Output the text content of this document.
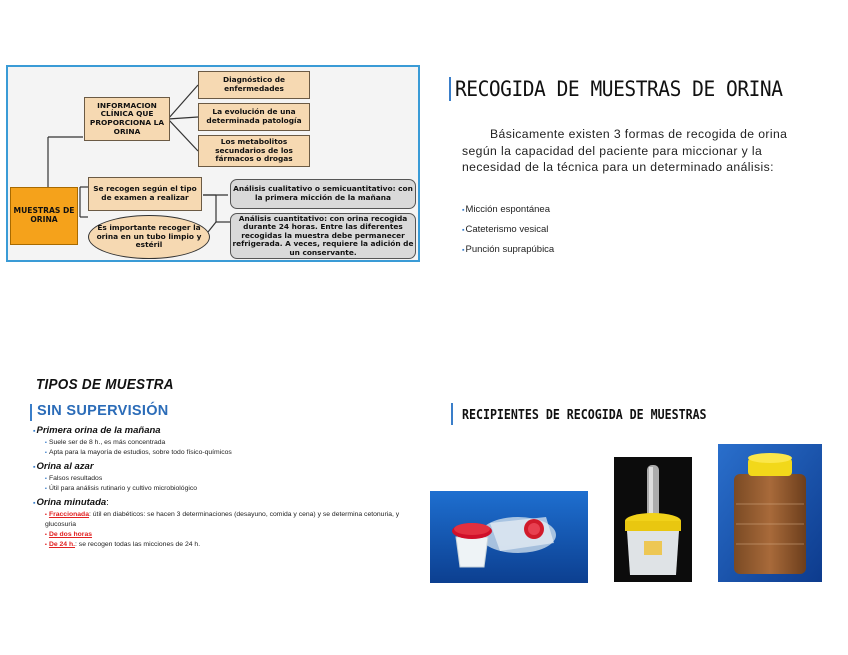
MUESTRAS DE ORINA
INFORMACION CLÍNICA QUE PROPORCIONA LA ORINA
Diagnóstico de enfermedades
La evolución de una determinada patología
Los metabolitos secundarios de los fármacos o drogas
Se recogen según el tipo de examen a realizar
Es importante recoger la orina en un tubo limpio y estéril
Análisis cualitativo o semicuantitativo: con la primera micción de la mañana
Análisis cuantitativo: con orina recogida durante 24 horas. Entre las diferentes recogidas la muestra debe permanecer refrigerada. A veces, requiere la adición de un conservante.
RECOGIDA DE MUESTRAS DE ORINA
Básicamente existen 3 formas de recogida de orina según la capacidad del paciente para miccionar y la necesidad de la técnica para un determinado análisis:
▪Micción espontánea
▪Cateterismo vesical
▪Punción suprapúbica
TIPOS DE MUESTRA
SIN SUPERVISIÓN
▪Primera orina de la mañana
▪ Suele ser de 8 h., es más concentrada
▪ Apta para la mayoría de estudios, sobre todo físico-químicos
▪Orina al azar
▪ Falsos resultados
▪ Útil para análisis rutinario y cultivo microbiológico
▪Orina minutada:
▪ Fraccionada: útil en diabéticos: se hacen 3 determinaciones (desayuno, comida y cena) y se determina cetonuria, y glucosuria
▪ De dos horas
▪ De 24 h.: se recogen todas las micciones de 24 h.
RECIPIENTES DE RECOGIDA DE MUESTRAS
